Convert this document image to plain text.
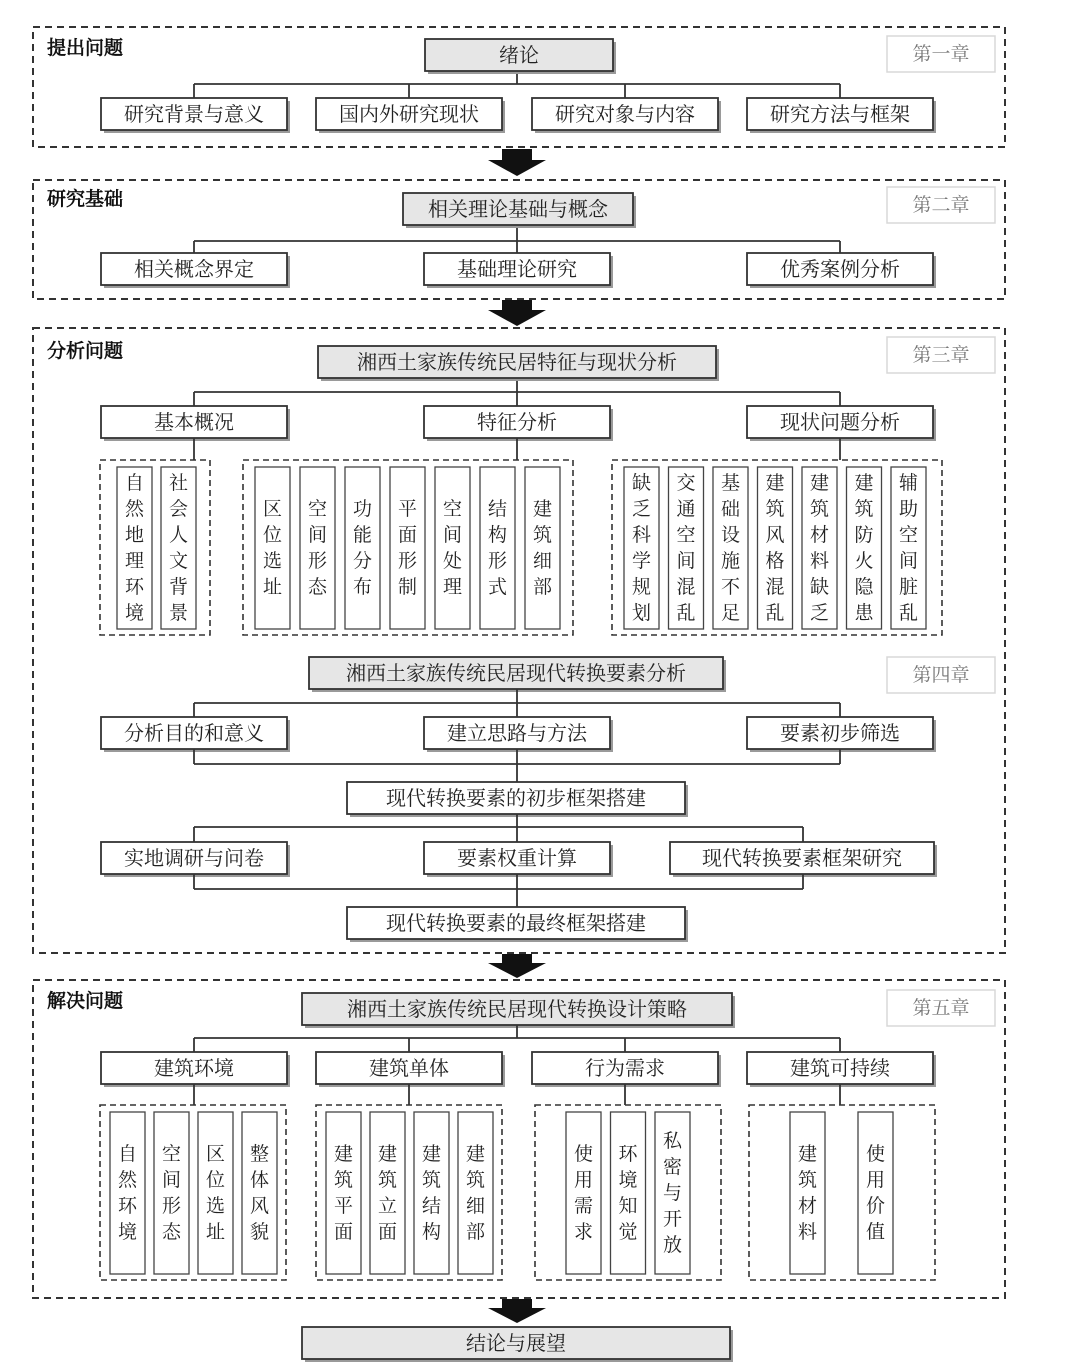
提出问题
研究基础
分析问题
解决问题
第一章
第二章
第三章
第四章
第五章
绪论
研究背景与意义	国内外研究现状	研究对象与内容	研究方法与框架
相关理论基础与概念
相关概念界定	基础理论研究	优秀案例分析
湘西土家族传统民居特征与现状分析
基本概况	特征分析	现状问题分析
自然地理环境
社会人文背景
区位选址
空间形态
功能分布
平面形制
空间处理
结构形式
建筑细部
缺乏科学规划
交通空间混乱
基础设施不足
建筑风格混乱
建筑材料缺乏
建筑防火隐患
辅助空间脏乱
湘西土家族传统民居现代转换要素分析
分析目的和意义	建立思路与方法	要素初步筛选
现代转换要素的初步框架搭建
实地调研与问卷	要素权重计算	现代转换要素框架研究
现代转换要素的最终框架搭建
湘西土家族传统民居现代转换设计策略
建筑环境	建筑单体	行为需求	建筑可持续
自然环境
空间形态
区位选址
整体风貌
建筑平面
建筑立面
建筑结构
建筑细部
使用需求
环境知觉
私密与开放
建筑材料
使用价值
结论与展望
